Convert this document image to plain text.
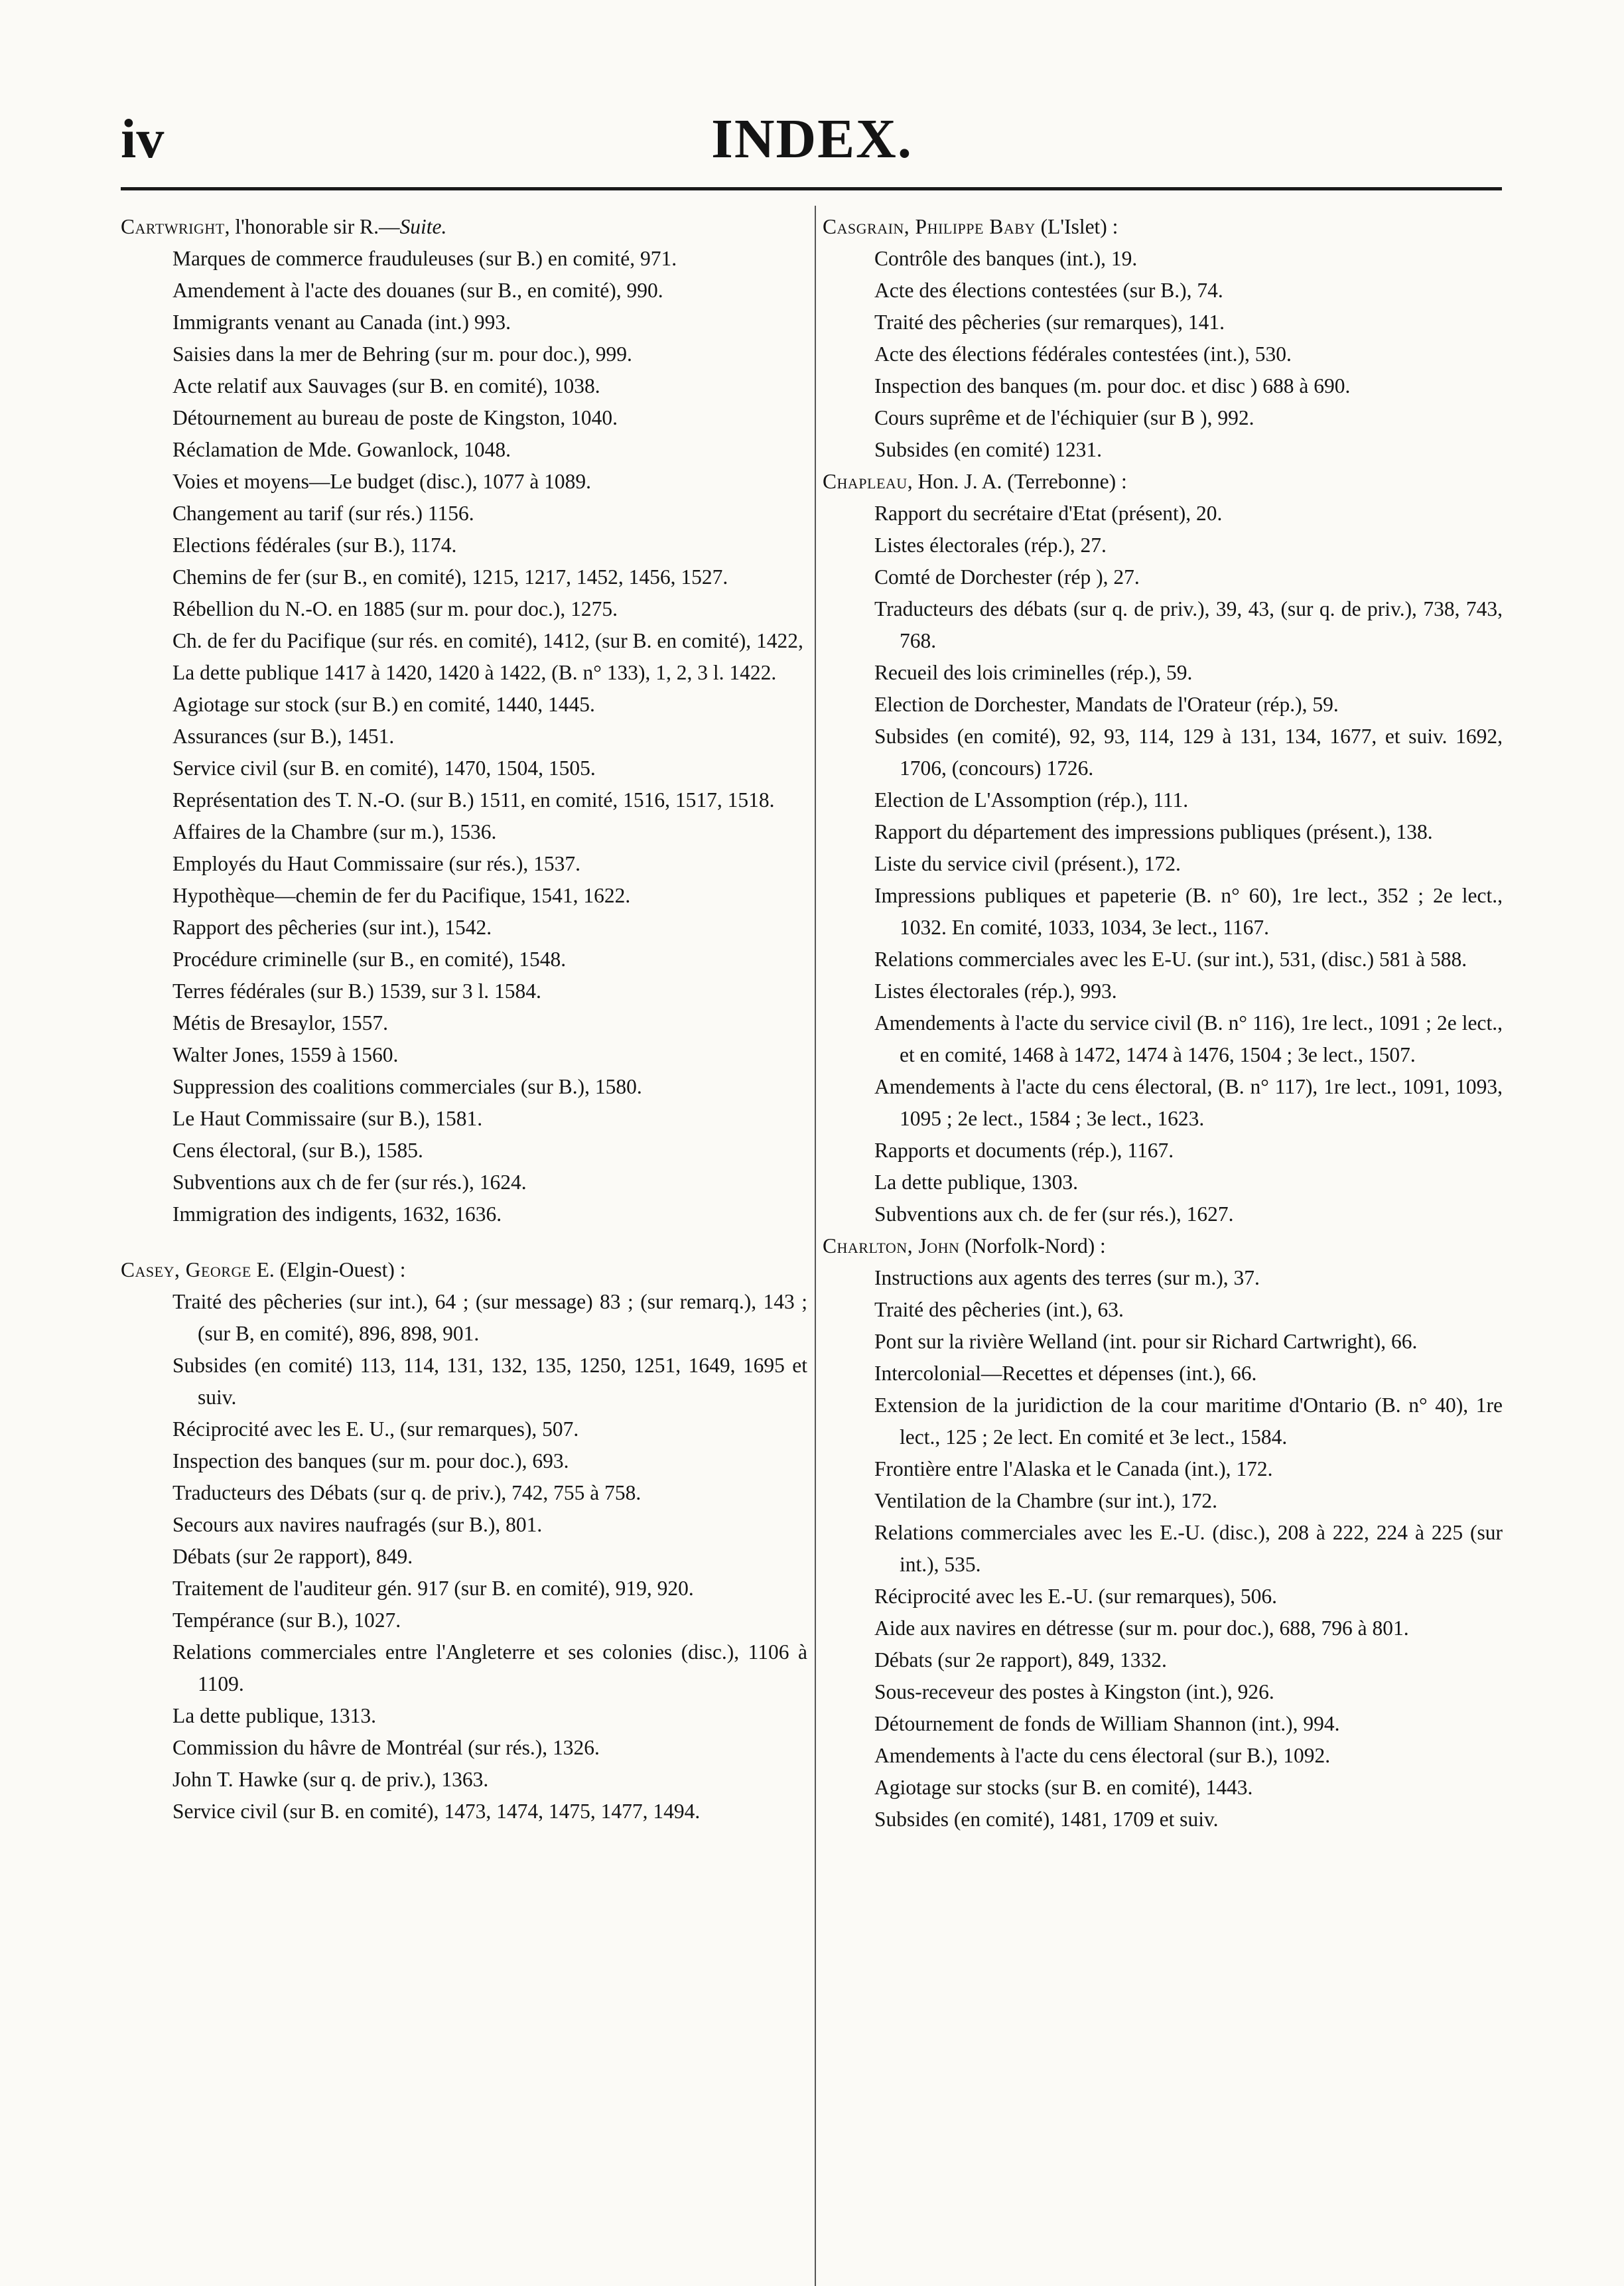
iv	INDEX.
Cartwright, l'honorable sir R.—Suite.
Marques de commerce frauduleuses (sur B.) en comité, 971.
Amendement à l'acte des douanes (sur B., en comité), 990.
Immigrants venant au Canada (int.) 993.
Saisies dans la mer de Behring (sur m. pour doc.), 999.
Acte relatif aux Sauvages (sur B. en comité), 1038.
Détournement au bureau de poste de Kingston, 1040.
Réclamation de Mde. Gowanlock, 1048.
Voies et moyens—Le budget (disc.), 1077 à 1089.
Changement au tarif (sur rés.) 1156.
Elections fédérales (sur B.), 1174.
Chemins de fer (sur B., en comité), 1215, 1217, 1452, 1456, 1527.
Rébellion du N.-O. en 1885 (sur m. pour doc.), 1275.
Ch. de fer du Pacifique (sur rés. en comité), 1412, (sur B. en comité), 1422,
La dette publique 1417 à 1420, 1420 à 1422, (B. n° 133), 1, 2, 3 l. 1422.
Agiotage sur stock (sur B.) en comité, 1440, 1445.
Assurances (sur B.), 1451.
Service civil (sur B. en comité), 1470, 1504, 1505.
Représentation des T. N.-O. (sur B.) 1511, en comité, 1516, 1517, 1518.
Affaires de la Chambre (sur m.), 1536.
Employés du Haut Commissaire (sur rés.), 1537.
Hypothèque—chemin de fer du Pacifique, 1541, 1622.
Rapport des pêcheries (sur int.), 1542.
Procédure criminelle (sur B., en comité), 1548.
Terres fédérales (sur B.) 1539, sur 3 l. 1584.
Métis de Bresaylor, 1557.
Walter Jones, 1559 à 1560.
Suppression des coalitions commerciales (sur B.), 1580.
Le Haut Commissaire (sur B.), 1581.
Cens électoral, (sur B.), 1585.
Subventions aux ch de fer (sur rés.), 1624.
Immigration des indigents, 1632, 1636.
Casey, George E. (Elgin-Ouest) :
Traité des pêcheries (sur int.), 64 ; (sur message) 83 ; (sur remarq.), 143 ; (sur B, en comité), 896, 898, 901.
Subsides (en comité) 113, 114, 131, 132, 135, 1250, 1251, 1649, 1695 et suiv.
Réciprocité avec les E. U., (sur remarques), 507.
Inspection des banques (sur m. pour doc.), 693.
Traducteurs des Débats (sur q. de priv.), 742, 755 à 758.
Secours aux navires naufragés (sur B.), 801.
Débats (sur 2e rapport), 849.
Traitement de l'auditeur gén. 917 (sur B. en comité), 919, 920.
Tempérance (sur B.), 1027.
Relations commerciales entre l'Angleterre et ses colonies (disc.), 1106 à 1109.
La dette publique, 1313.
Commission du hâvre de Montréal (sur rés.), 1326.
John T. Hawke (sur q. de priv.), 1363.
Service civil (sur B. en comité), 1473, 1474, 1475, 1477, 1494.
Casgrain, Philippe Baby (L'Islet) :
Contrôle des banques (int.), 19.
Acte des élections contestées (sur B.), 74.
Traité des pêcheries (sur remarques), 141.
Acte des élections fédérales contestées (int.), 530.
Inspection des banques (m. pour doc. et disc ) 688 à 690.
Cours suprême et de l'échiquier (sur B ), 992.
Subsides (en comité) 1231.
Chapleau, Hon. J. A. (Terrebonne) :
Rapport du secrétaire d'Etat (présent), 20.
Listes électorales (rép.), 27.
Comté de Dorchester (rép ), 27.
Traducteurs des débats (sur q. de priv.), 39, 43, (sur q. de priv.), 738, 743, 768.
Recueil des lois criminelles (rép.), 59.
Election de Dorchester, Mandats de l'Orateur (rép.), 59.
Subsides (en comité), 92, 93, 114, 129 à 131, 134, 1677, et suiv. 1692, 1706, (concours) 1726.
Election de L'Assomption (rép.), 111.
Rapport du département des impressions publiques (présent.), 138.
Liste du service civil (présent.), 172.
Impressions publiques et papeterie (B. n° 60), 1re lect., 352 ; 2e lect., 1032. En comité, 1033, 1034, 3e lect., 1167.
Relations commerciales avec les E-U. (sur int.), 531, (disc.) 581 à 588.
Listes électorales (rép.), 993.
Amendements à l'acte du service civil (B. n° 116), 1re lect., 1091 ; 2e lect., et en comité, 1468 à 1472, 1474 à 1476, 1504 ; 3e lect., 1507.
Amendements à l'acte du cens électoral, (B. n° 117), 1re lect., 1091, 1093, 1095 ; 2e lect., 1584 ; 3e lect., 1623.
Rapports et documents (rép.), 1167.
La dette publique, 1303.
Subventions aux ch. de fer (sur rés.), 1627.
Charlton, John (Norfolk-Nord) :
Instructions aux agents des terres (sur m.), 37.
Traité des pêcheries (int.), 63.
Pont sur la rivière Welland (int. pour sir Richard Cartwright), 66.
Intercolonial—Recettes et dépenses (int.), 66.
Extension de la juridiction de la cour maritime d'Ontario (B. n° 40), 1re lect., 125 ; 2e lect. En comité et 3e lect., 1584.
Frontière entre l'Alaska et le Canada (int.), 172.
Ventilation de la Chambre (sur int.), 172.
Relations commerciales avec les E.-U. (disc.), 208 à 222, 224 à 225 (sur int.), 535.
Réciprocité avec les E.-U. (sur remarques), 506.
Aide aux navires en détresse (sur m. pour doc.), 688, 796 à 801.
Débats (sur 2e rapport), 849, 1332.
Sous-receveur des postes à Kingston (int.), 926.
Détournement de fonds de William Shannon (int.), 994.
Amendements à l'acte du cens électoral (sur B.), 1092.
Agiotage sur stocks (sur B. en comité), 1443.
Subsides (en comité), 1481, 1709 et suiv.
